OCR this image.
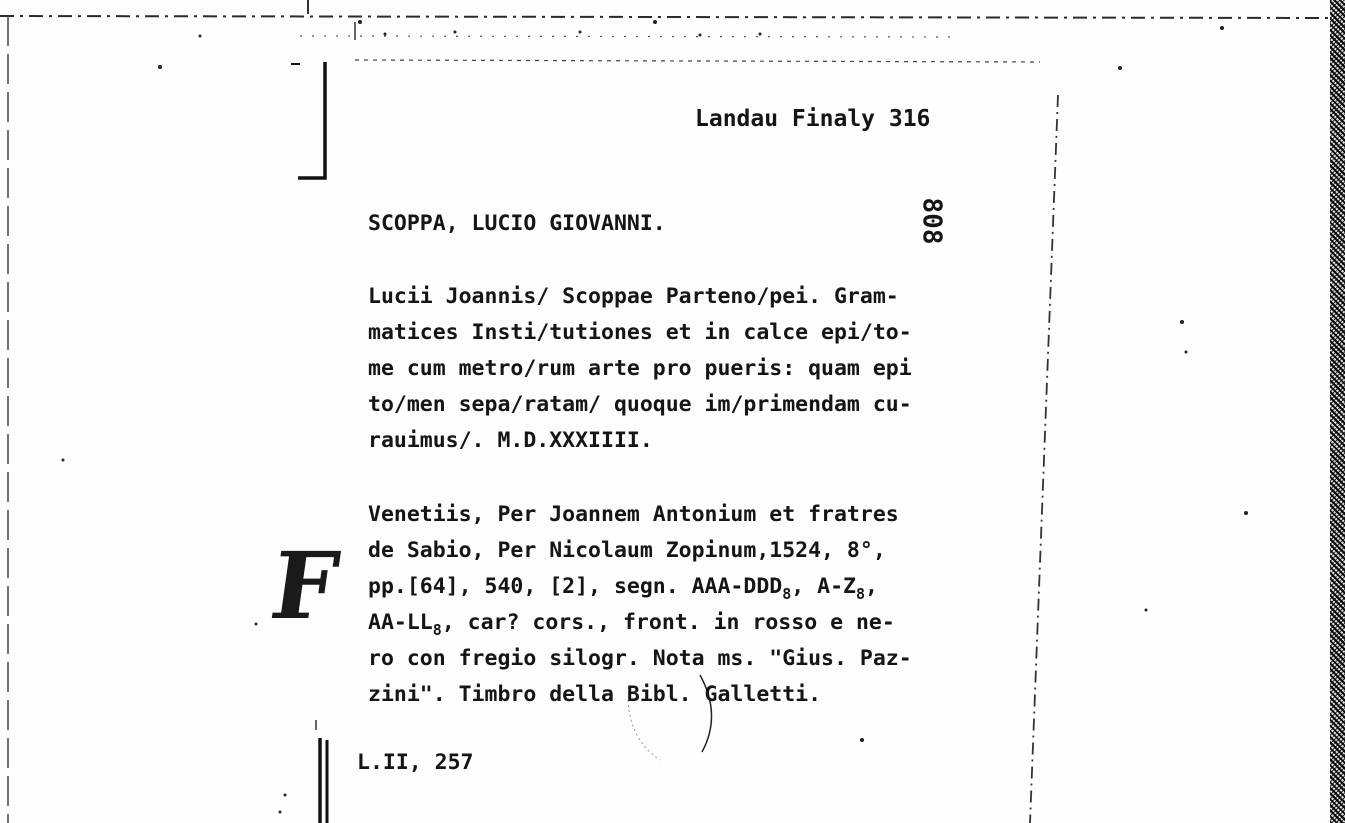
Landau Finaly 316
808
SCOPPA, LUCIO GIOVANNI.
Lucii Joannis/ Scoppae Parteno/pei. Gram-
matices Insti/tutiones et in calce epi/to-
me cum metro/rum arte pro pueris: quam epi
to/men sepa/ratam/ quoque im/primendam cu-
rauimus/. M.D.XXXIIII.
Venetiis, Per Joannem Antonium et fratres
de Sabio, Per Nicolaum Zopinum,1524, 8°,
pp.[64], 540, [2], segn. AAA-$DDD_8$, $A-Z_8$,
$AA-LL_8$, car? cors., front. in rosso e ne-
ro con fregio silogr. Nota ms. "Gius. Paz-
zini". Timbro della Bibl. Galletti.
F
L.II, 257
